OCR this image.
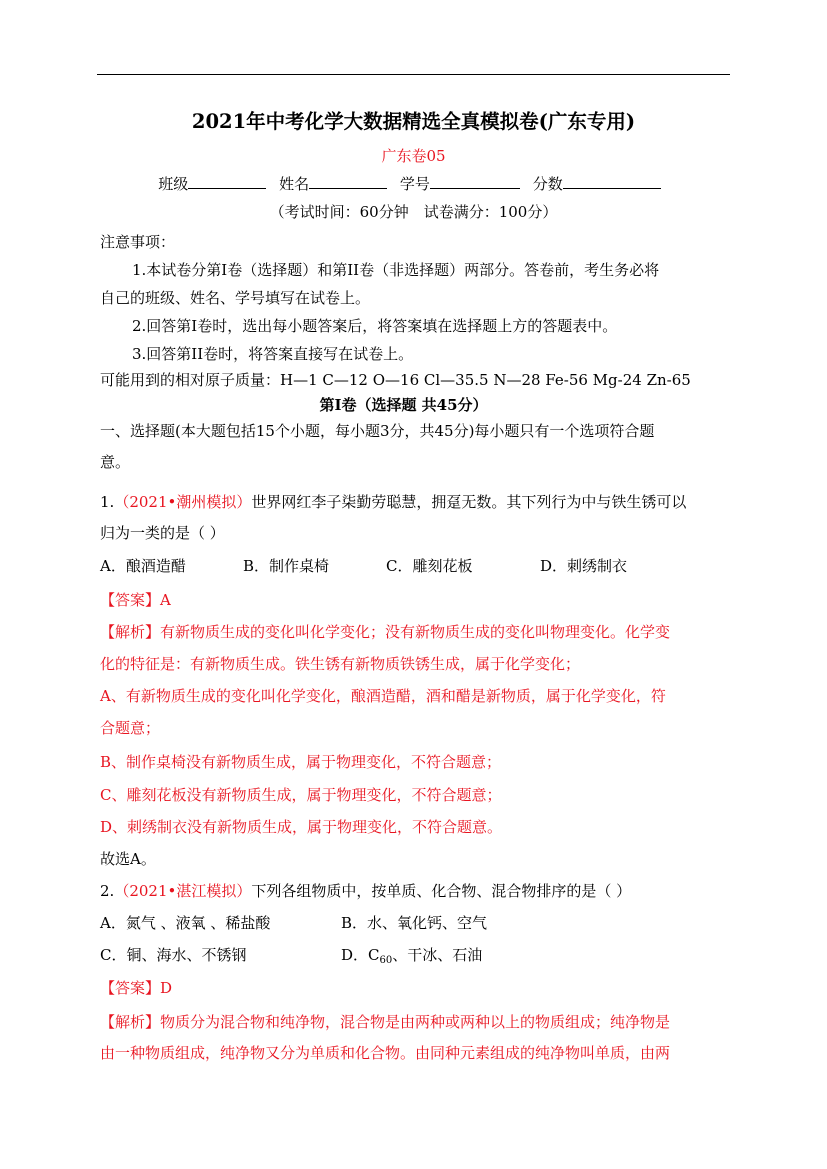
2021年中考化学大数据精选全真模拟卷(广东专用)
广东卷05
班级	姓名	学号	分数
（考试时间：60分钟　试卷满分：100分）
注意事项：
1.本试卷分第I卷（选择题）和第II卷（非选择题）两部分。答卷前，考生务必将
自己的班级、姓名、学号填写在试卷上。
2.回答第I卷时，选出每小题答案后，将答案填在选择题上方的答题表中。
3.回答第II卷时，将答案直接写在试卷上。
可能用到的相对原子质量：H—1 C—12 O—16 Cl—35.5 N—28 Fe-56 Mg-24 Zn-65
第I卷（选择题 共45分）
一、选择题(本大题包括15个小题，每小题3分，共45分)每小题只有一个选项符合题
意。
1.（2021•潮州模拟）世界网红李子柒勤劳聪慧，拥趸无数。其下列行为中与铁生锈可以
归为一类的是（ ）
A．酿酒造醋	B．制作桌椅	C．雕刻花板	D．刺绣制衣
【答案】A
【解析】有新物质生成的变化叫化学变化；没有新物质生成的变化叫物理变化。化学变
化的特征是：有新物质生成。铁生锈有新物质铁锈生成，属于化学变化；
A、有新物质生成的变化叫化学变化，酿酒造醋，酒和醋是新物质，属于化学变化，符
合题意；
B、制作桌椅没有新物质生成，属于物理变化，不符合题意；
C、雕刻花板没有新物质生成，属于物理变化，不符合题意；
D、刺绣制衣没有新物质生成，属于物理变化，不符合题意。
故选A。
2.（2021•湛江模拟）下列各组物质中，按单质、化合物、混合物排序的是（ ）
A．氮气 、液氧 、稀盐酸	B．水、氧化钙、空气
C．铜、海水、不锈钢	D．$C_{60}$、干冰、石油
【答案】D
【解析】物质分为混合物和纯净物，混合物是由两种或两种以上的物质组成；纯净物是
由一种物质组成，纯净物又分为单质和化合物。由同种元素组成的纯净物叫单质，由两
